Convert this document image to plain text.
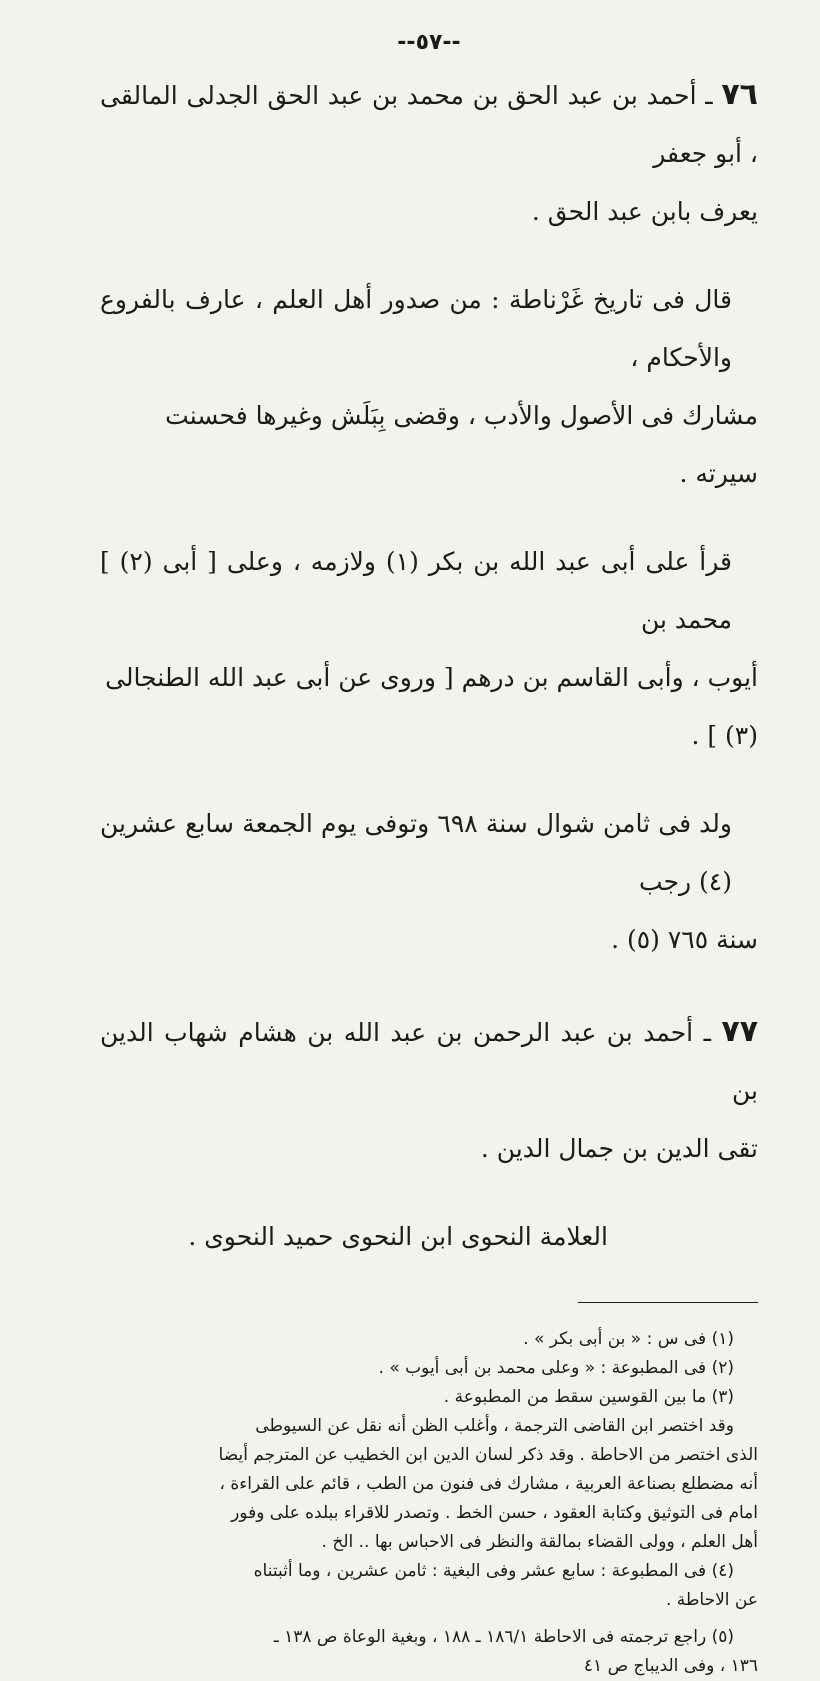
--٥٧--

٧٦ ـ أحمد بن عبد الحق بن محمد بن عبد الحق الجدلى المالقى ، أبو جعفر

يعرف بابن عبد الحق .

قال فى تاريخ غَرْناطة : من صدور أهل العلم ، عارف بالفروع والأحكام ،

مشارك فى الأصول والأدب ، وقضى بِبَلَش وغيرها فحسنت سيرته .

قرأ على أبى عبد الله بن بكر (١) ولازمه ، وعلى [ أبى (٢) ] محمد بن

أيوب ، وأبى القاسم بن درهم [ وروى عن أبى عبد الله الطنجالى (٣) ] .

ولد فى ثامن شوال سنة ٦٩٨ وتوفى يوم الجمعة سابع عشرين (٤) رجب

سنة ٧٦٥ (٥) .

٧٧ ـ أحمد بن عبد الرحمن بن عبد الله بن هشام شهاب الدين بن

تقى الدين بن جمال الدين .

العلامة النحوى ابن النحوى حميد النحوى .

(١) فى س : « بن أبى بكر » .

(٢) فى المطبوعة : « وعلى محمد بن أبى أيوب » .

(٣) ما بين القوسين سقط من المطبوعة .

وقد اختصر ابن القاضى الترجمة ، وأغلب الظن أنه نقل عن السيوطى

الذى اختصر من الاحاطة . وقد ذكر لسان الدين ابن الخطيب عن المترجم أيضا

أنه مضطلع بصناعة العربية ، مشارك فى فنون من الطب ، قائم على القراءة ،

امام فى التوثيق وكتابة العقود ، حسن الخط . وتصدر للاقراء ببلده على وفور

أهل العلم ، وولى القضاء بمالقة والنظر فى الاحباس بها .. الخ .

(٤) فى المطبوعة : سابع عشر وفى البغية : ثامن عشرين ، وما أثبتناه

عن الاحاطة .

(٥) راجع ترجمته فى الاحاطة ١٨٦/١ ـ ١٨٨ ، وبغية الوعاة ص ١٣٨ ـ

١٣٦ ، وفى الديباج ص ٤١
